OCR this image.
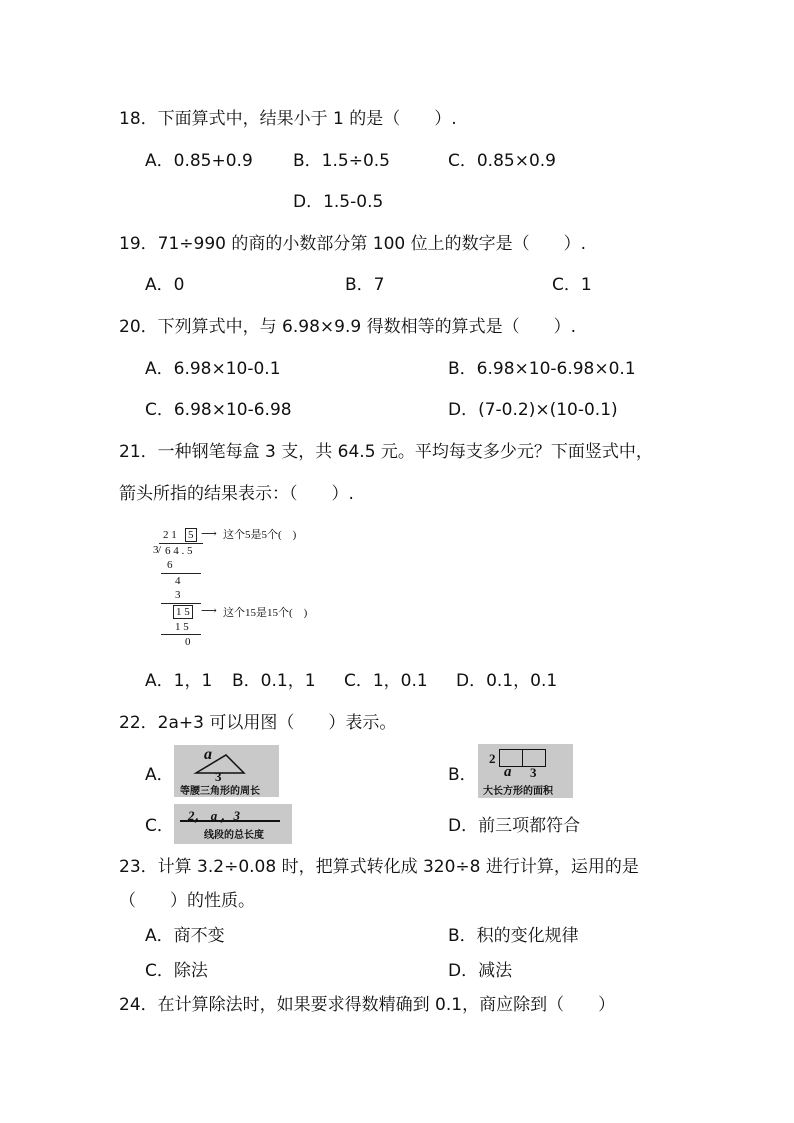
18．下面算式中，结果小于 1 的是（　　）.
A．0.85+0.9 B．1.5÷0.5	C．0.85×0.9
D．1.5-0.5
19．71÷990 的商的小数部分第 100 位上的数字是（　　）.
A．0	B．7	C．1
20．下列算式中，与 6.98×9.9 得数相等的算式是（　　）.
A．6.98×10-0.1	B．6.98×10-6.98×0.1
C．6.98×10-6.98	D．(7-0.2)×(10-0.1)
21．一种钢笔每盒 3 支，共 64.5 元。平均每支多少元？下面竖式中，
箭头所指的结果表示：（　　）.
2 1 5 ⟶ 这个5是5个(　)
3 / 6 4 . 5
6
4
3
1 5 ⟶ 这个15是15个(　)
1 5
0
A．1，1 B．0.1，1 C．1，0.1 D．0.1，0.1
22．2a+3 可以用图（　　）表示。
A．
a
3
等腰三角形的周长
B．
2
a 3
大长方形的面积
C．
2， a ，3
线段的总长度	D．前三项都符合
23．计算 3.2÷0.08 时，把算式转化成 320÷8 进行计算，运用的是
（　　）的性质。
A．商不变	B．积的变化规律
C．除法	D．减法
24．在计算除法时，如果要求得数精确到 0.1，商应除到（　　）
